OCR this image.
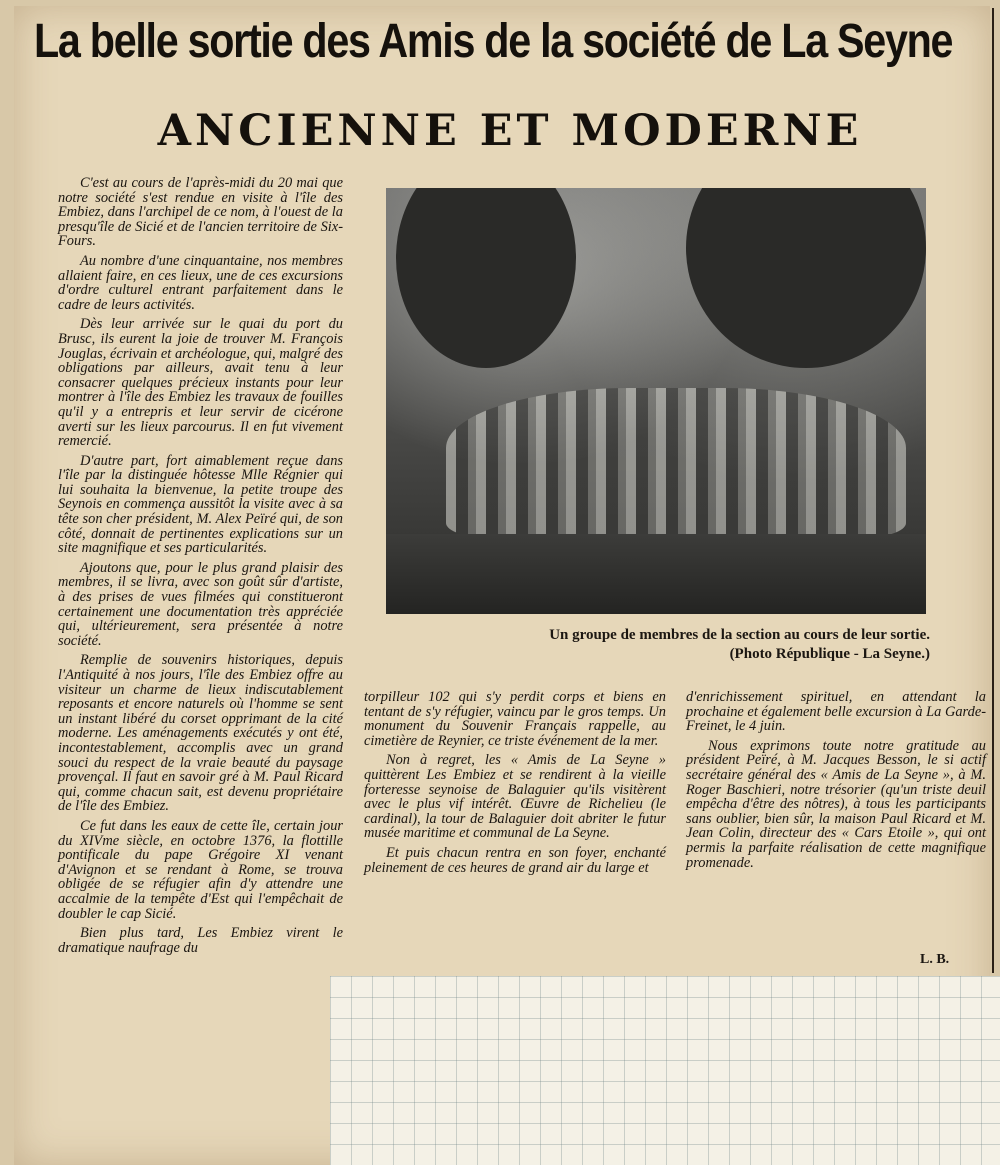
La belle sortie des Amis de la société de La Seyne
ANCIENNE ET MODERNE

C'est au cours de l'après-midi du 20 mai que notre société s'est rendue en visite à l'île des Embiez, dans l'archipel de ce nom, à l'ouest de la presqu'île de Sicié et de l'ancien territoire de Six-Fours.

Au nombre d'une cinquantaine, nos membres allaient faire, en ces lieux, une de ces excursions d'ordre culturel entrant parfaitement dans le cadre de leurs activités.

Dès leur arrivée sur le quai du port du Brusc, ils eurent la joie de trouver M. François Jouglas, écrivain et archéologue, qui, malgré des obligations par ailleurs, avait tenu à leur consacrer quelques précieux instants pour leur montrer à l'île des Embiez les travaux de fouilles qu'il y a entrepris et leur servir de cicérone averti sur les lieux parcourus. Il en fut vivement remercié.

D'autre part, fort aimablement reçue dans l'île par la distinguée hôtesse Mlle Régnier qui lui souhaita la bienvenue, la petite troupe des Seynois en commença aussitôt la visite avec à sa tête son cher président, M. Alex Peïré qui, de son côté, donnait de pertinentes explications sur un site magnifique et ses particularités.

Ajoutons que, pour le plus grand plaisir des membres, il se livra, avec son goût sûr d'artiste, à des prises de vues filmées qui constitueront certainement une documentation très appréciée qui, ultérieurement, sera présentée à notre société.

Remplie de souvenirs historiques, depuis l'Antiquité à nos jours, l'île des Embiez offre au visiteur un charme de lieux indiscutablement reposants et encore naturels où l'homme se sent un instant libéré du corset opprimant de la cité moderne. Les aménagements exécutés y ont été, incontestablement, accomplis avec un grand souci du respect de la vraie beauté du paysage provençal. Il faut en savoir gré à M. Paul Ricard qui, comme chacun sait, est devenu propriétaire de l'île des Embiez.

Ce fut dans les eaux de cette île, certain jour du XIVme siècle, en octobre 1376, la flottille pontificale du pape Grégoire XI venant d'Avignon et se rendant à Rome, se trouva obligée de se réfugier afin d'y attendre une accalmie de la tempête d'Est qui l'empêchait de doubler le cap Sicié.

Bien plus tard, Les Embiez virent le dramatique naufrage du

Un groupe de membres de la section au cours de leur sortie.
(Photo République - La Seyne.)

torpilleur 102 qui s'y perdit corps et biens en tentant de s'y réfugier, vaincu par le gros temps. Un monument du Souvenir Français rappelle, au cimetière de Reynier, ce triste événement de la mer.

Non à regret, les « Amis de La Seyne » quittèrent Les Embiez et se rendirent à la vieille forteresse seynoise de Balaguier qu'ils visitèrent avec le plus vif intérêt. Œuvre de Richelieu (le cardinal), la tour de Balaguier doit abriter le futur musée maritime et communal de La Seyne.

Et puis chacun rentra en son foyer, enchanté pleinement de ces heures de grand air du large et

d'enrichissement spirituel, en attendant la prochaine et également belle excursion à La Garde-Freinet, le 4 juin.

Nous exprimons toute notre gratitude au président Peïré, à M. Jacques Besson, le si actif secrétaire général des « Amis de La Seyne », à M. Roger Baschieri, notre trésorier (qu'un triste deuil empêcha d'être des nôtres), à tous les participants sans oublier, bien sûr, la maison Paul Ricard et M. Jean Colin, directeur des « Cars Etoile », qui ont permis la parfaite réalisation de cette magnifique promenade.

L. B.
